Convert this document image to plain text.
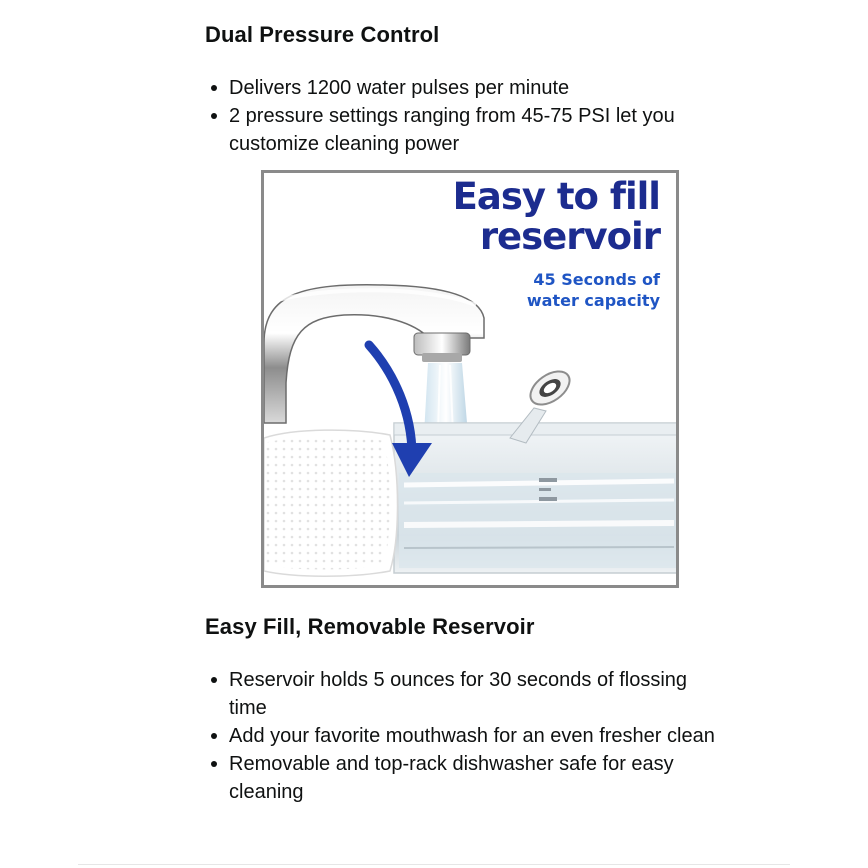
Dual Pressure Control
Delivers 1200 water pulses per minute
2 pressure settings ranging from 45-75 PSI let you customize cleaning power

Easy to fill
reservoir

45 Seconds of
water capacity

Easy Fill, Removable Reservoir
Reservoir holds 5 ounces for 30 seconds of flossing time
Add your favorite mouthwash for an even fresher clean
Removable and top-rack dishwasher safe for easy cleaning
